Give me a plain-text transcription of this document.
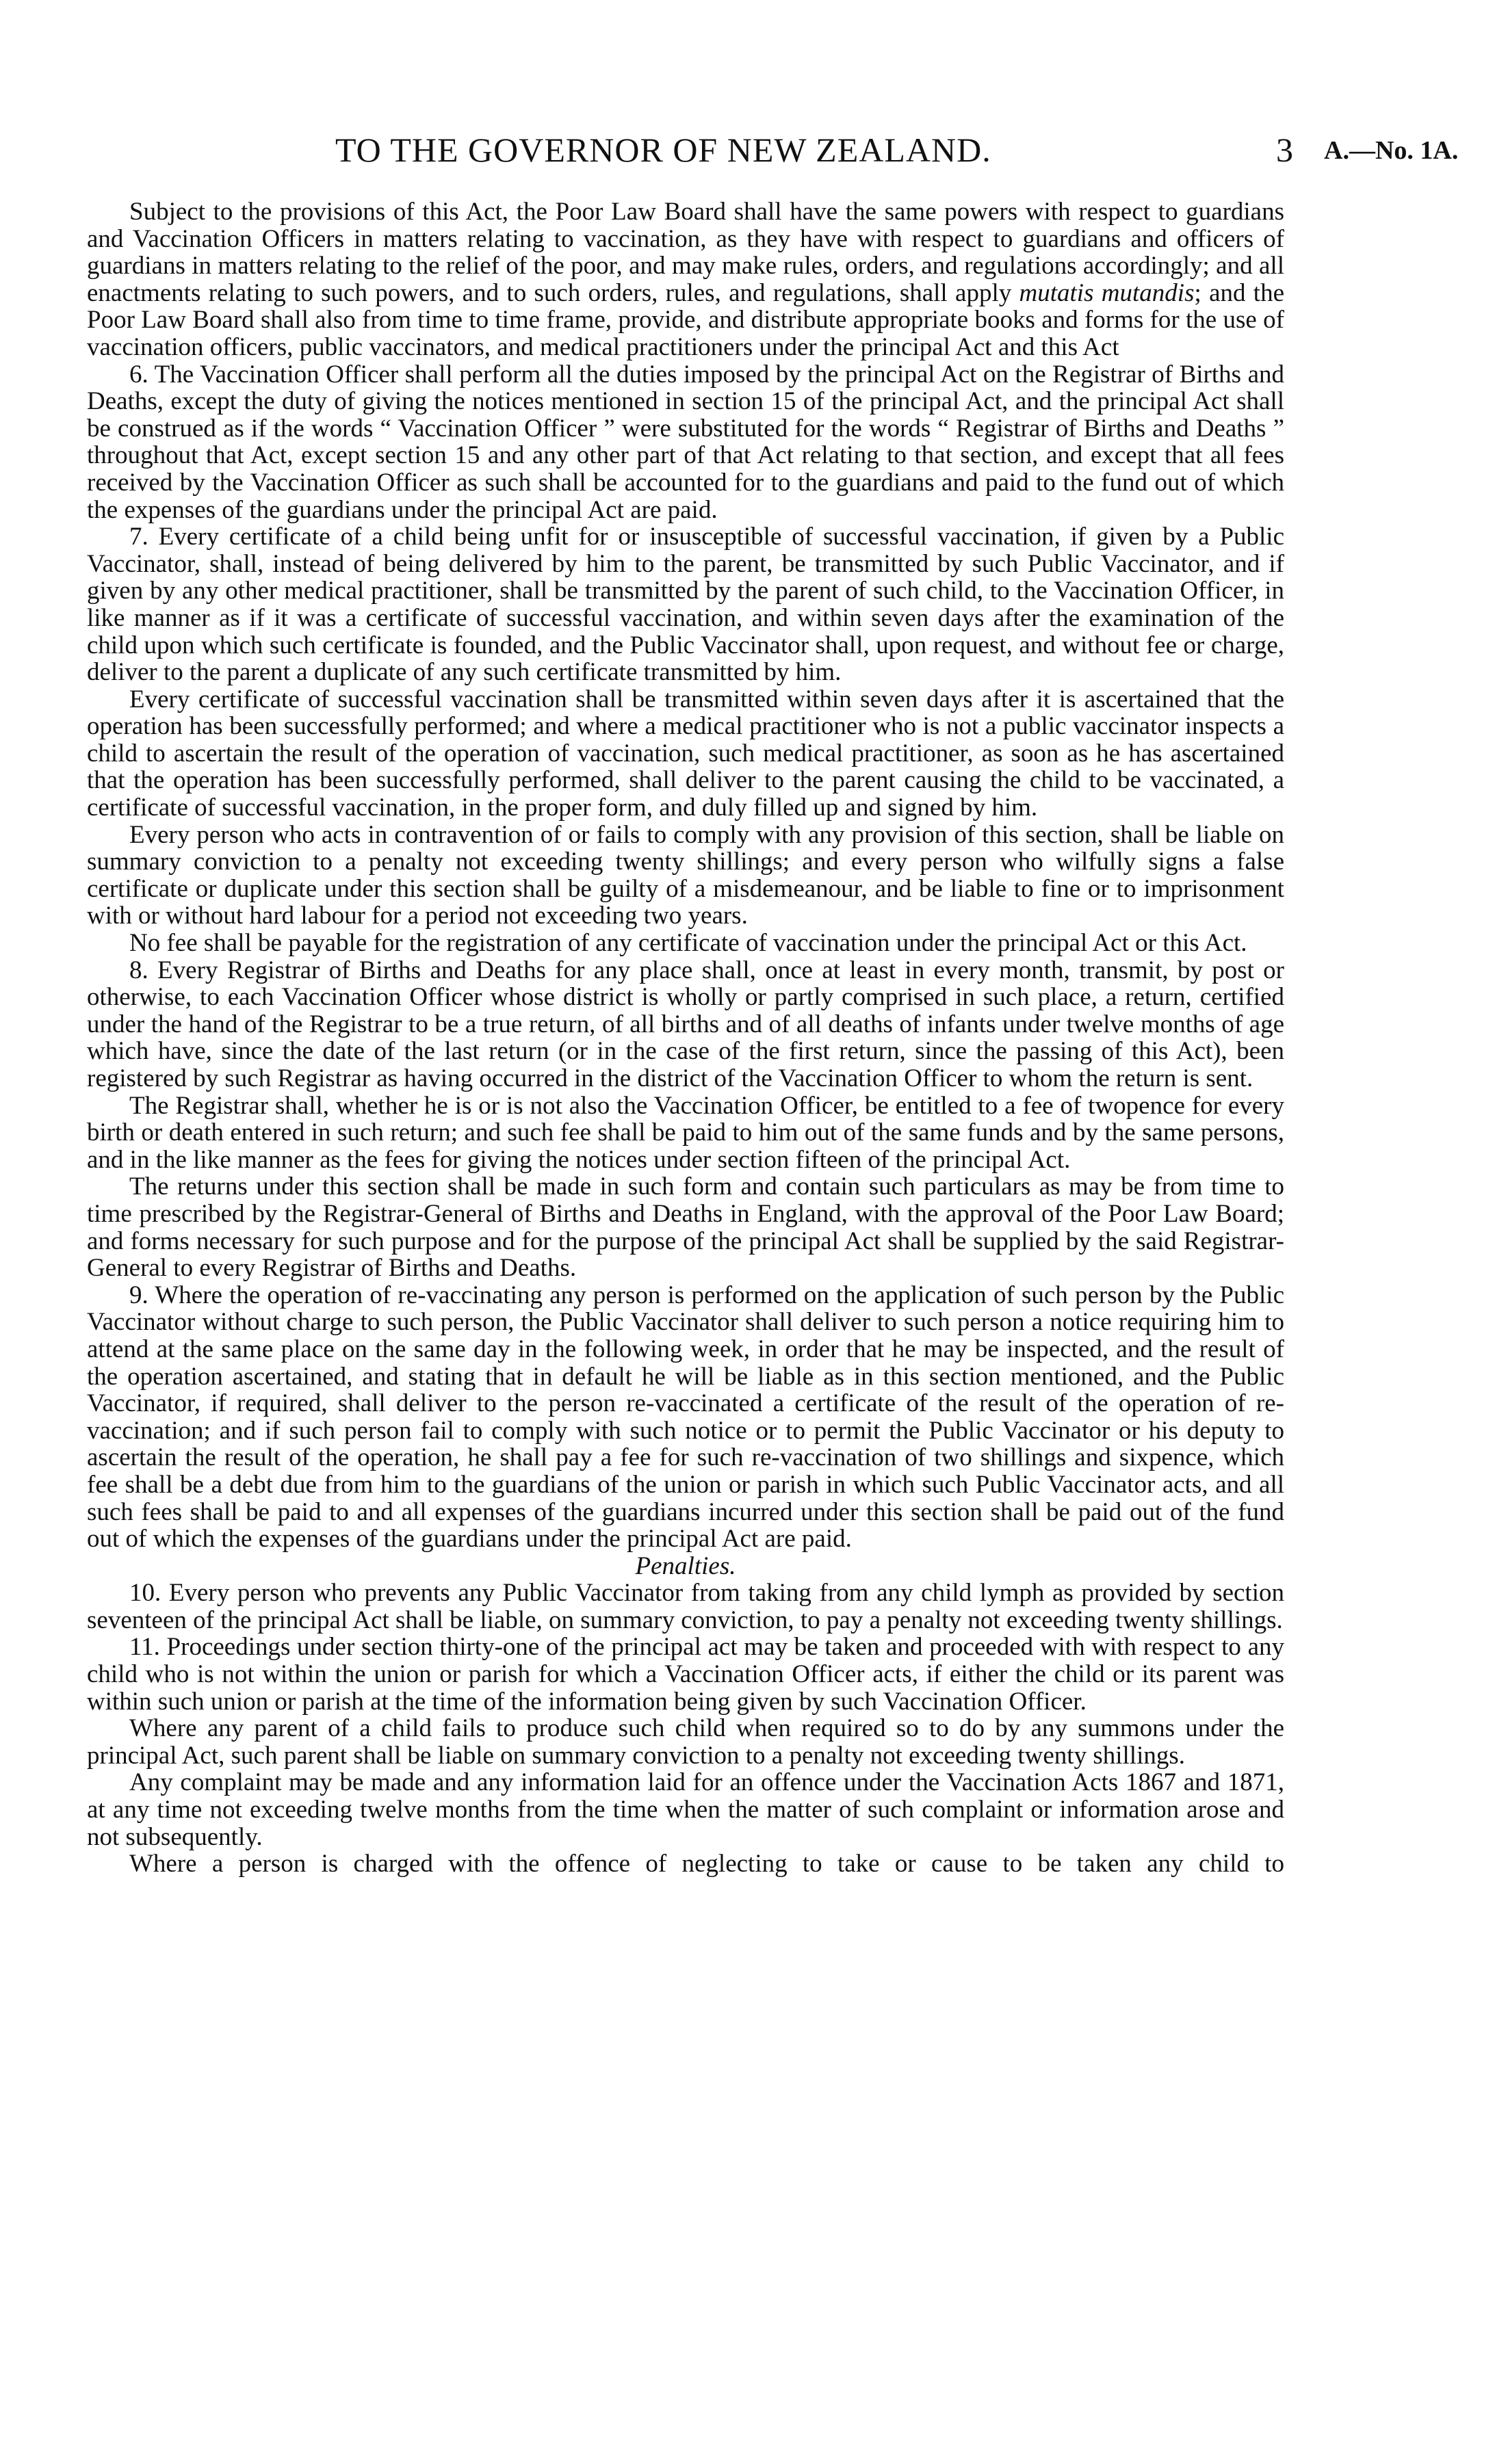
TO THE GOVERNOR OF NEW ZEALAND.	3 A.—No. 1A.

Subject to the provisions of this Act, the Poor Law Board shall have the same powers with respect to guardians and Vaccination Officers in matters relating to vaccination, as they have with respect to guardians and officers of guardians in matters relating to the relief of the poor, and may make rules, orders, and regulations accordingly; and all enactments relating to such powers, and to such orders, rules, and regulations, shall apply mutatis mutandis; and the Poor Law Board shall also from time to time frame, provide, and distribute appropriate books and forms for the use of vaccination officers, public vaccinators, and medical practitioners under the principal Act and this Act

6. The Vaccination Officer shall perform all the duties imposed by the principal Act on the Registrar of Births and Deaths, except the duty of giving the notices mentioned in section 15 of the principal Act, and the principal Act shall be construed as if the words “ Vaccination Officer ” were substituted for the words “ Registrar of Births and Deaths ” throughout that Act, except section 15 and any other part of that Act relating to that section, and except that all fees received by the Vaccination Officer as such shall be accounted for to the guardians and paid to the fund out of which the expenses of the guardians under the principal Act are paid.

7. Every certificate of a child being unfit for or insusceptible of successful vaccination, if given by a Public Vaccinator, shall, instead of being delivered by him to the parent, be transmitted by such Public Vaccinator, and if given by any other medical practitioner, shall be transmitted by the parent of such child, to the Vaccination Officer, in like manner as if it was a certificate of successful vaccination, and within seven days after the examination of the child upon which such certificate is founded, and the Public Vaccinator shall, upon request, and without fee or charge, deliver to the parent a duplicate of any such certificate transmitted by him.

Every certificate of successful vaccination shall be transmitted within seven days after it is ascertained that the operation has been successfully performed; and where a medical practitioner who is not a public vaccinator inspects a child to ascertain the result of the operation of vaccination, such medical practitioner, as soon as he has ascertained that the operation has been successfully performed, shall deliver to the parent causing the child to be vaccinated, a certificate of successful vaccination, in the proper form, and duly filled up and signed by him.

Every person who acts in contravention of or fails to comply with any provision of this section, shall be liable on summary conviction to a penalty not exceeding twenty shillings; and every person who wilfully signs a false certificate or duplicate under this section shall be guilty of a misdemeanour, and be liable to fine or to imprisonment with or without hard labour for a period not exceeding two years.

No fee shall be payable for the registration of any certificate of vaccination under the principal Act or this Act.

8. Every Registrar of Births and Deaths for any place shall, once at least in every month, transmit, by post or otherwise, to each Vaccination Officer whose district is wholly or partly comprised in such place, a return, certified under the hand of the Registrar to be a true return, of all births and of all deaths of infants under twelve months of age which have, since the date of the last return (or in the case of the first return, since the passing of this Act), been registered by such Registrar as having occurred in the district of the Vaccination Officer to whom the return is sent.

The Registrar shall, whether he is or is not also the Vaccination Officer, be entitled to a fee of twopence for every birth or death entered in such return; and such fee shall be paid to him out of the same funds and by the same persons, and in the like manner as the fees for giving the notices under section fifteen of the principal Act.

The returns under this section shall be made in such form and contain such particulars as may be from time to time prescribed by the Registrar-General of Births and Deaths in England, with the approval of the Poor Law Board; and forms necessary for such purpose and for the purpose of the principal Act shall be supplied by the said Registrar-General to every Registrar of Births and Deaths.

9. Where the operation of re-vaccinating any person is performed on the application of such person by the Public Vaccinator without charge to such person, the Public Vaccinator shall deliver to such person a notice requiring him to attend at the same place on the same day in the following week, in order that he may be inspected, and the result of the operation ascertained, and stating that in default he will be liable as in this section mentioned, and the Public Vaccinator, if required, shall deliver to the person re-vaccinated a certificate of the result of the operation of re-vaccination; and if such person fail to comply with such notice or to permit the Public Vaccinator or his deputy to ascertain the result of the operation, he shall pay a fee for such re-vaccination of two shillings and sixpence, which fee shall be a debt due from him to the guardians of the union or parish in which such Public Vaccinator acts, and all such fees shall be paid to and all expenses of the guardians incurred under this section shall be paid out of the fund out of which the expenses of the guardians under the principal Act are paid.

Penalties.

10. Every person who prevents any Public Vaccinator from taking from any child lymph as provided by section seventeen of the principal Act shall be liable, on summary conviction, to pay a penalty not exceeding twenty shillings.

11. Proceedings under section thirty-one of the principal act may be taken and proceeded with with respect to any child who is not within the union or parish for which a Vaccination Officer acts, if either the child or its parent was within such union or parish at the time of the information being given by such Vaccination Officer.

Where any parent of a child fails to produce such child when required so to do by any summons under the principal Act, such parent shall be liable on summary conviction to a penalty not exceeding twenty shillings.

Any complaint may be made and any information laid for an offence under the Vaccination Acts 1867 and 1871, at any time not exceeding twelve months from the time when the matter of such complaint or information arose and not subsequently.

Where a person is charged with the offence of neglecting to take or cause to be taken any child to
